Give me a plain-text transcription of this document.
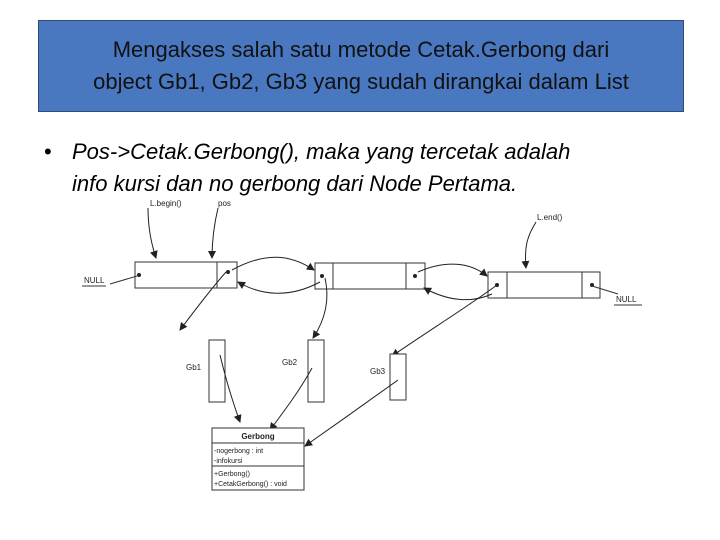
Mengakses salah satu metode Cetak.Gerbong dari
object Gb1, Gb2, Gb3 yang sudah dirangkai dalam List
• Pos->Cetak.Gerbong(), maka yang tercetak adalah
info kursi dan no gerbong dari Node Pertama.
NULL
NULL
L.begin()	pos
L.end()
Gb1
Gb2
Gb3
Gerbong
-nogerbong : int
-infokursi
+Gerbong()
+CetakGerbong() : void
